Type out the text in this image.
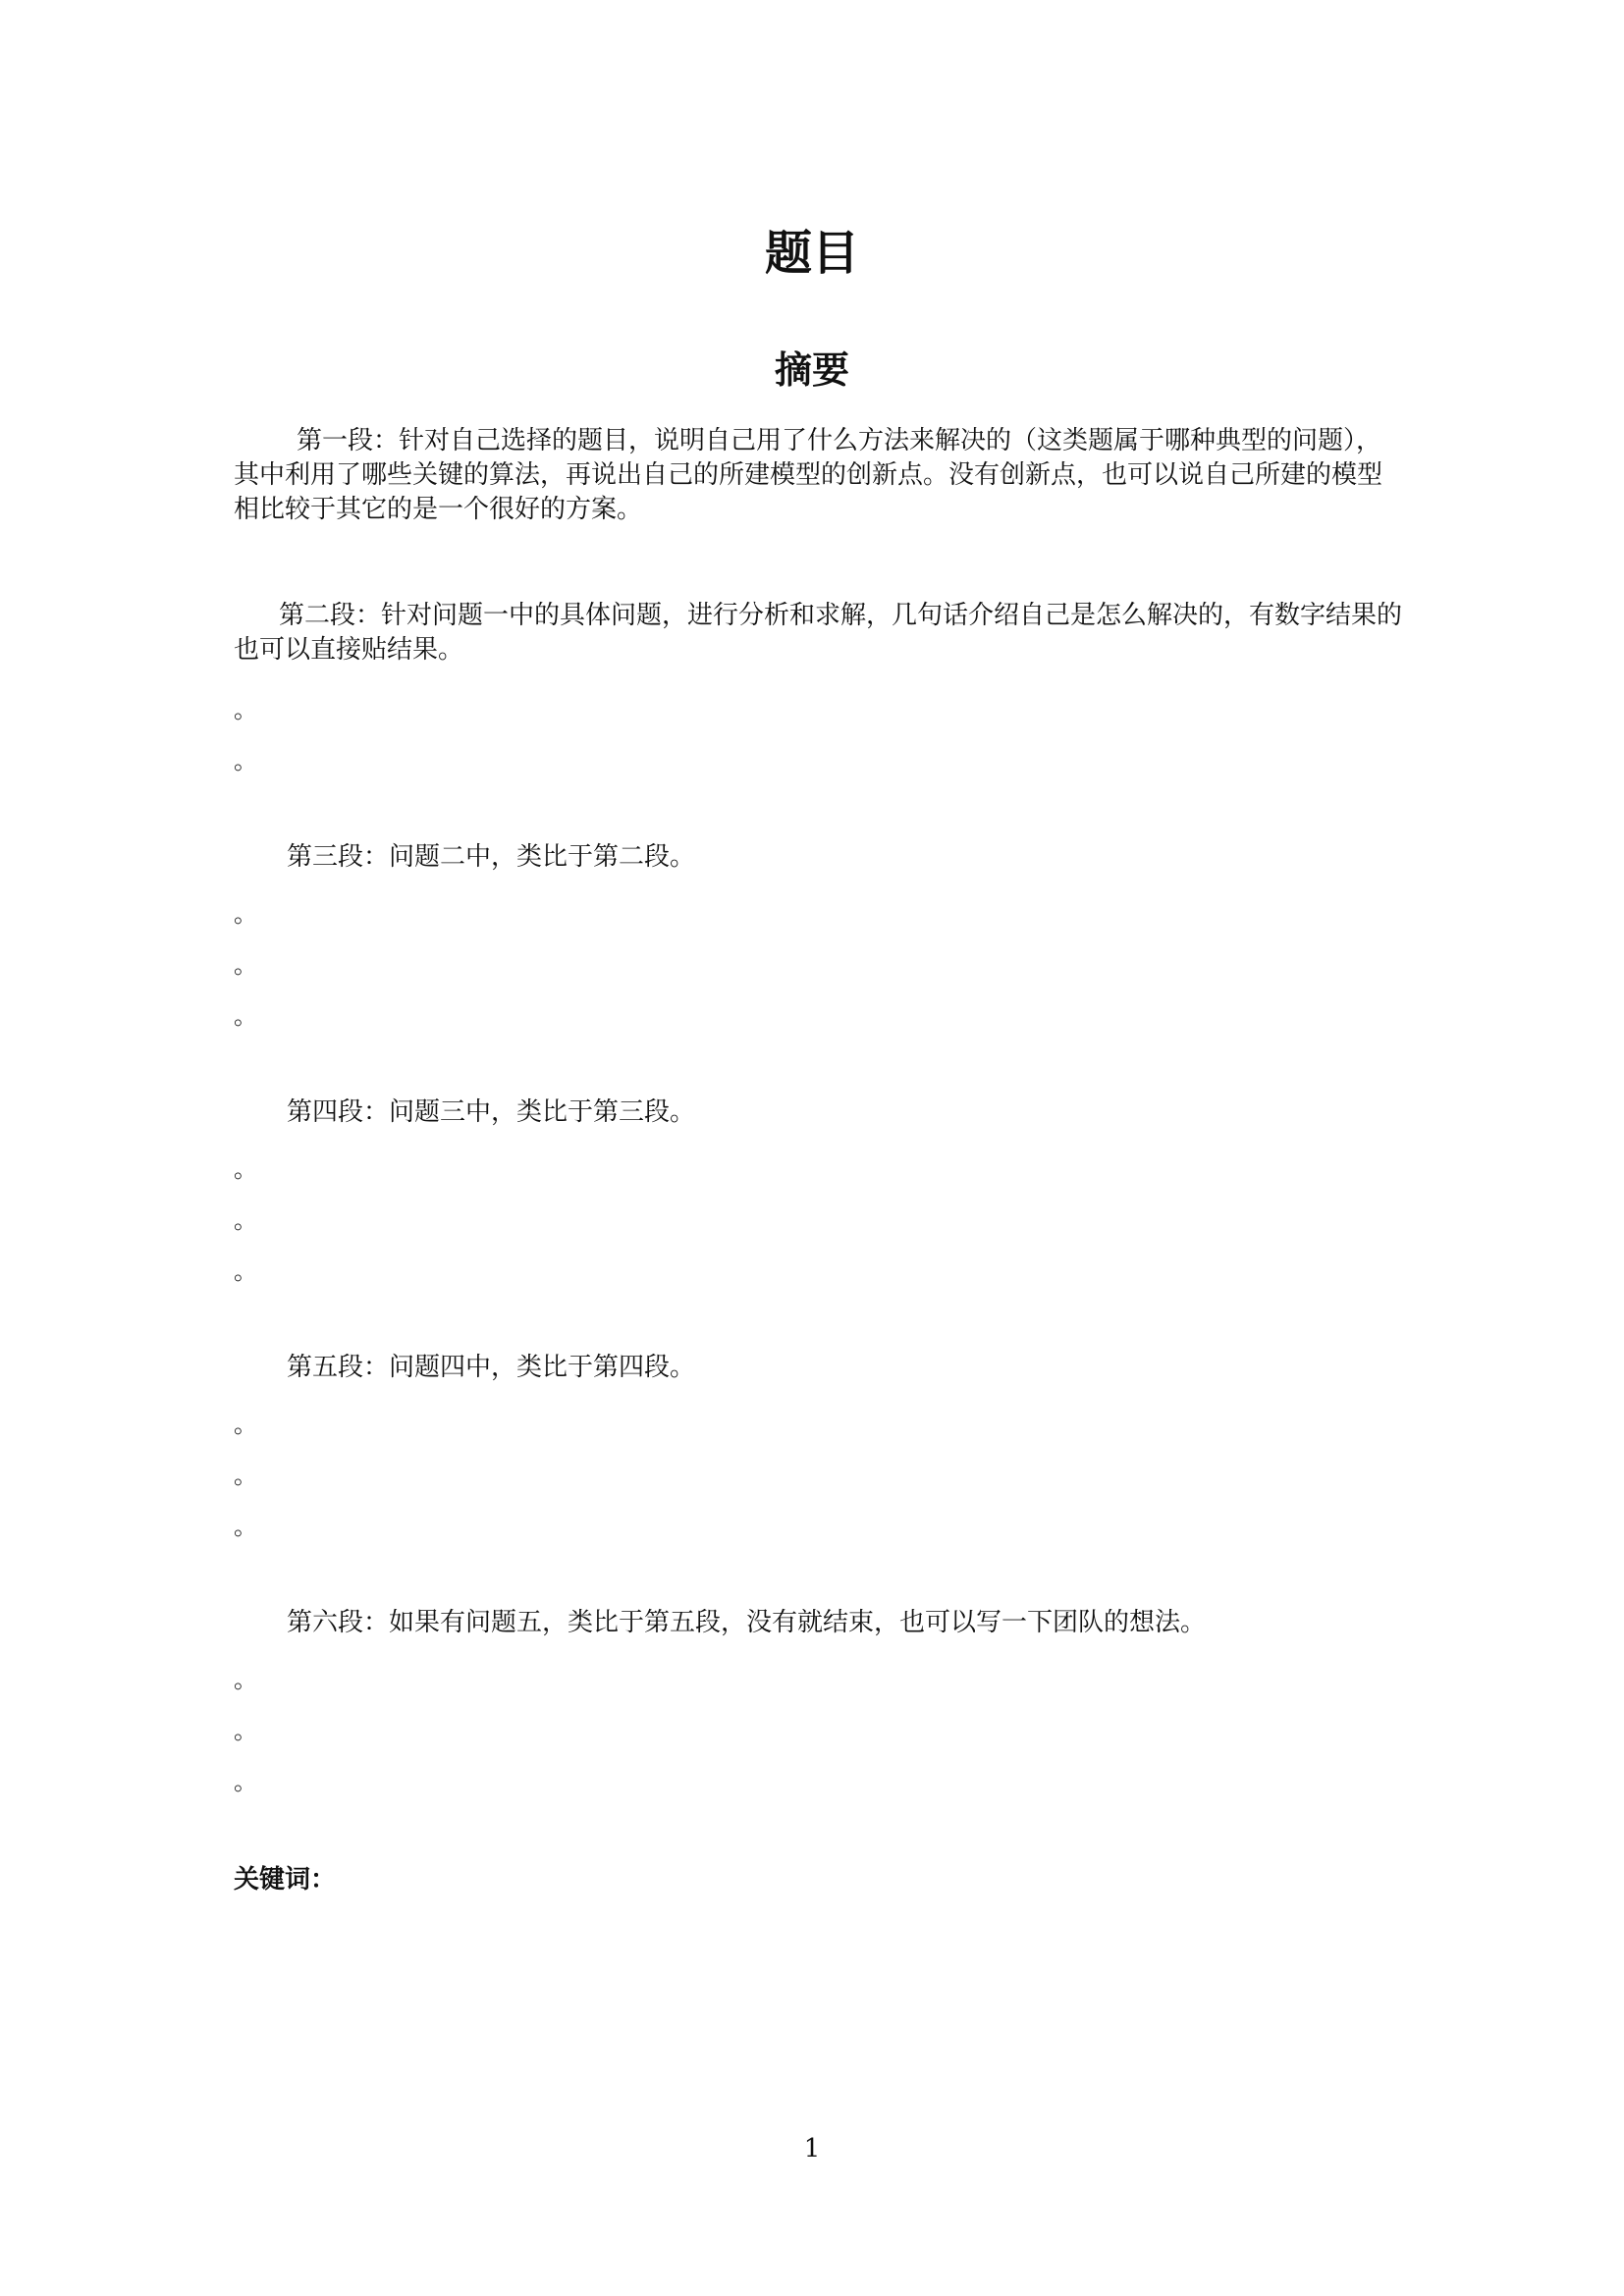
题目
摘要

第一段：针对自己选择的题目，说明自己用了什么方法来解决的（这类题属于哪种典型的问题），其中利用了哪些关键的算法，再说出自己的所建模型的创新点。没有创新点，也可以说自己所建的模型相比较于其它的是一个很好的方案。

第二段：针对问题一中的具体问题，进行分析和求解，几句话介绍自己是怎么解决的，有数字结果的也可以直接贴结果。

。
。

第三段：问题二中，类比于第二段。

。
。
。

第四段：问题三中，类比于第三段。

。
。
。

第五段：问题四中，类比于第四段。

。
。
。

第六段：如果有问题五，类比于第五段，没有就结束，也可以写一下团队的想法。

。
。
。
关键词：
1
